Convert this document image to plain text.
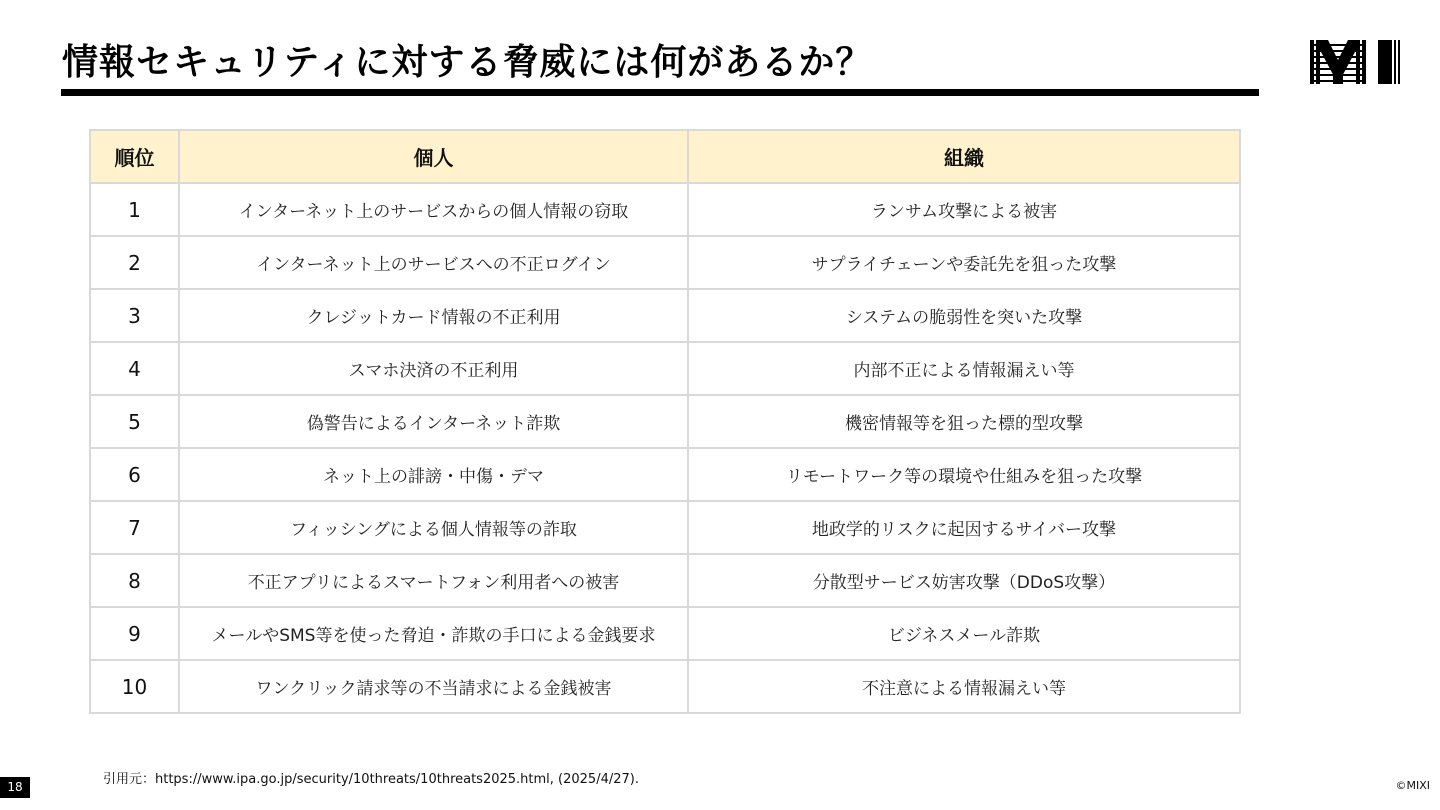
情報セキュリティに対する脅威には何があるか？
順位	個人	組織
1	インターネット上のサービスからの個人情報の窃取	ランサム攻撃による被害
2	インターネット上のサービスへの不正ログイン	サプライチェーンや委託先を狙った攻撃
3	クレジットカード情報の不正利用	システムの脆弱性を突いた攻撃
4	スマホ決済の不正利用	内部不正による情報漏えい等
5	偽警告によるインターネット詐欺	機密情報等を狙った標的型攻撃
6	ネット上の誹謗・中傷・デマ	リモートワーク等の環境や仕組みを狙った攻撃
7	フィッシングによる個人情報等の詐取	地政学的リスクに起因するサイバー攻撃
8	不正アプリによるスマートフォン利用者への被害	分散型サービス妨害攻撃（DDoS攻撃）
9	メールやSMS等を使った脅迫・詐欺の手口による金銭要求	ビジネスメール詐欺
10	ワンクリック請求等の不当請求による金銭被害	不注意による情報漏えい等
引用元：https://www.ipa.go.jp/security/10threats/10threats2025.html, (2025/4/27).
18	©MIXI
